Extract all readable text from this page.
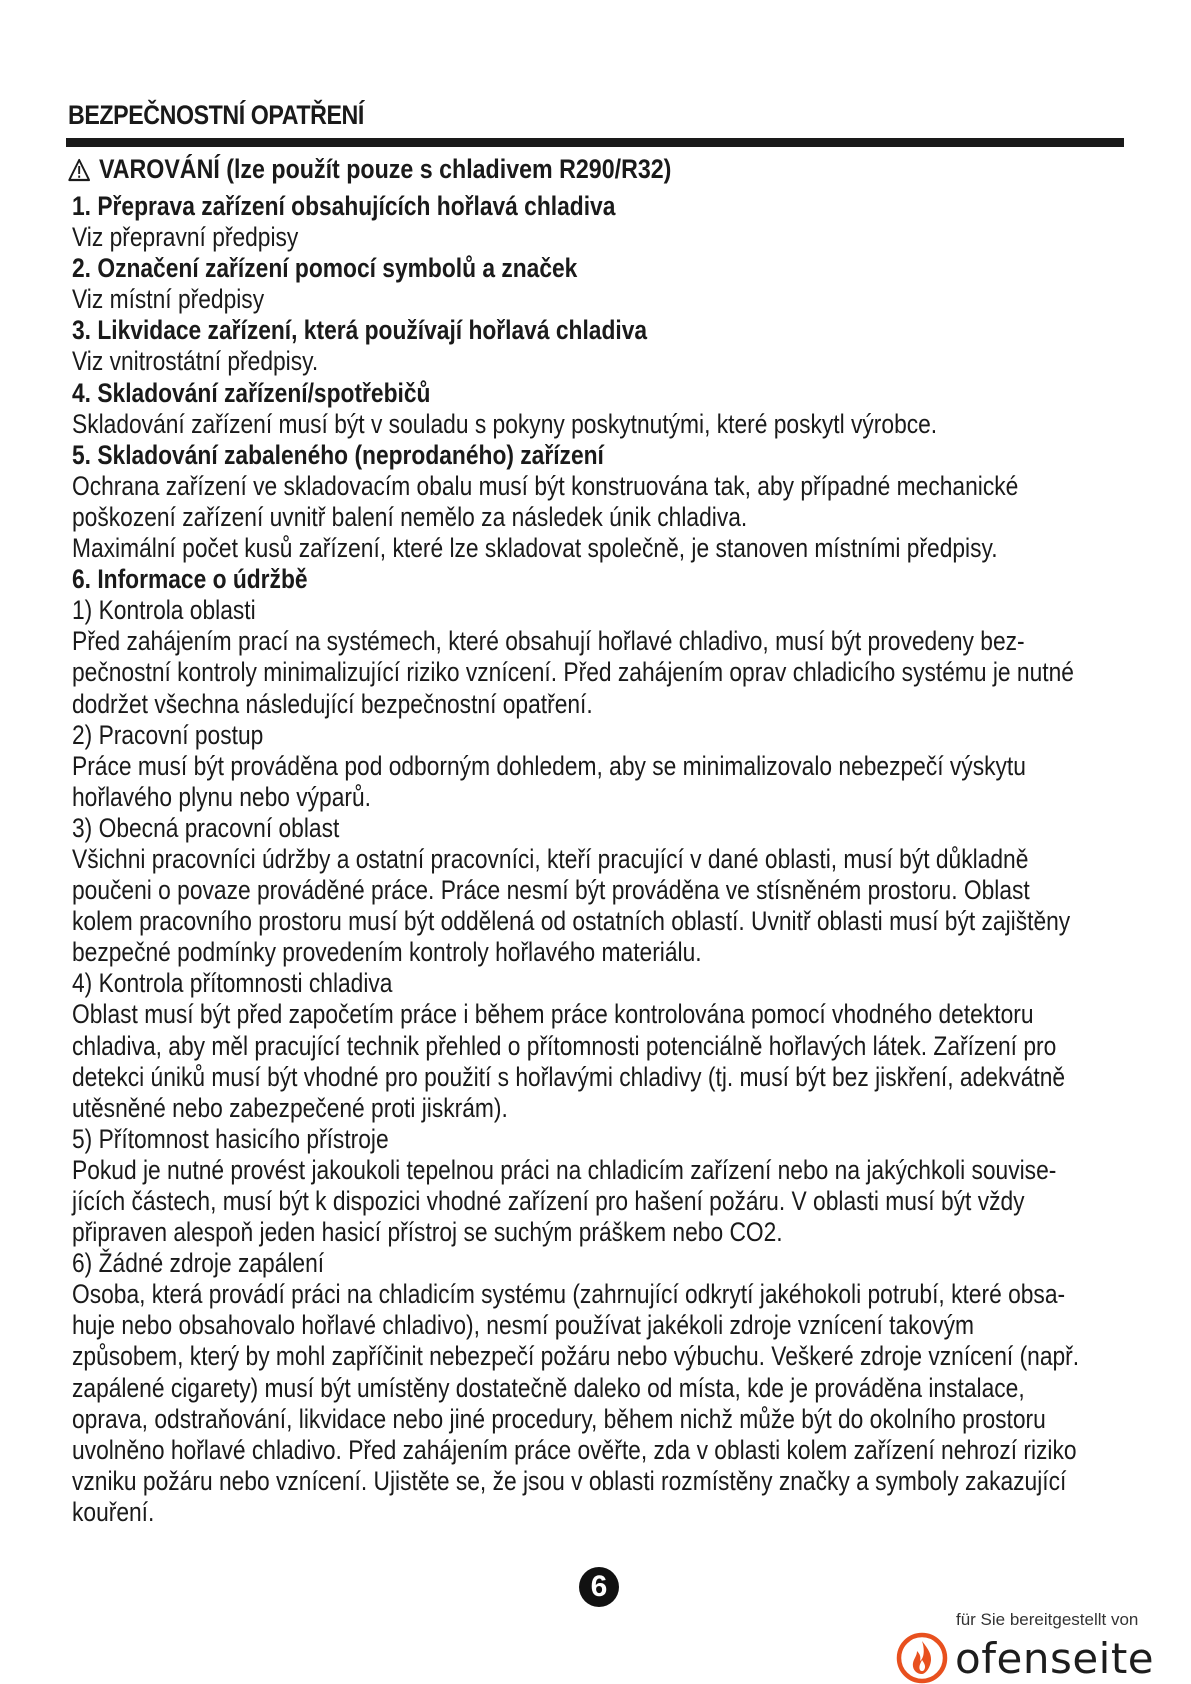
BEZPEČNOSTNÍ OPATŘENÍ
VAROVÁNÍ (lze použít pouze s chladivem R290/R32)
1. Přeprava zařízení obsahujících hořlavá chladiva
Viz přepravní předpisy
2. Označení zařízení pomocí symbolů a značek
Viz místní předpisy
3. Likvidace zařízení, která používají hořlavá chladiva
Viz vnitrostátní předpisy.
4. Skladování zařízení/spotřebičů
Skladování zařízení musí být v souladu s pokyny poskytnutými, které poskytl výrobce.
5. Skladování zabaleného (neprodaného) zařízení
Ochrana zařízení ve skladovacím obalu musí být konstruována tak, aby případné mechanické
poškození zařízení uvnitř balení nemělo za následek únik chladiva.
Maximální počet kusů zařízení, které lze skladovat společně, je stanoven místními předpisy.
6. Informace o údržbě
1) Kontrola oblasti
Před zahájením prací na systémech, které obsahují hořlavé chladivo, musí být provedeny bez-
pečnostní kontroly minimalizující riziko vznícení. Před zahájením oprav chladicího systému je nutné
dodržet všechna následující bezpečnostní opatření.
2) Pracovní postup
Práce musí být prováděna pod odborným dohledem, aby se minimalizovalo nebezpečí výskytu
hořlavého plynu nebo výparů.
3) Obecná pracovní oblast
Všichni pracovníci údržby a ostatní pracovníci, kteří pracující v dané oblasti, musí být důkladně
poučeni o povaze prováděné práce. Práce nesmí být prováděna ve stísněném prostoru. Oblast
kolem pracovního prostoru musí být oddělená od ostatních oblastí. Uvnitř oblasti musí být zajištěny
bezpečné podmínky provedením kontroly hořlavého materiálu.
4) Kontrola přítomnosti chladiva
Oblast musí být před započetím práce i během práce kontrolována pomocí vhodného detektoru
chladiva, aby měl pracující technik přehled o přítomnosti potenciálně hořlavých látek. Zařízení pro
detekci úniků musí být vhodné pro použití s hořlavými chladivy (tj. musí být bez jiskření, adekvátně
utěsněné nebo zabezpečené proti jiskrám).
5) Přítomnost hasicího přístroje
Pokud je nutné provést jakoukoli tepelnou práci na chladicím zařízení nebo na jakýchkoli souvise-
jících částech, musí být k dispozici vhodné zařízení pro hašení požáru. V oblasti musí být vždy
připraven alespoň jeden hasicí přístroj se suchým práškem nebo CO2.
6) Žádné zdroje zapálení
Osoba, která provádí práci na chladicím systému (zahrnující odkrytí jakéhokoli potrubí, které obsa-
huje nebo obsahovalo hořlavé chladivo), nesmí používat jakékoli zdroje vznícení takovým
způsobem, který by mohl zapříčinit nebezpečí požáru nebo výbuchu. Veškeré zdroje vznícení (např.
zapálené cigarety) musí být umístěny dostatečně daleko od místa, kde je prováděna instalace,
oprava, odstraňování, likvidace nebo jiné procedury, během nichž může být do okolního prostoru
uvolněno hořlavé chladivo. Před zahájením práce ověřte, zda v oblasti kolem zařízení nehrozí riziko
vzniku požáru nebo vznícení. Ujistěte se, že jsou v oblasti rozmístěny značky a symboly zakazující
kouření.
6
für Sie bereitgestellt von
ofenseite
